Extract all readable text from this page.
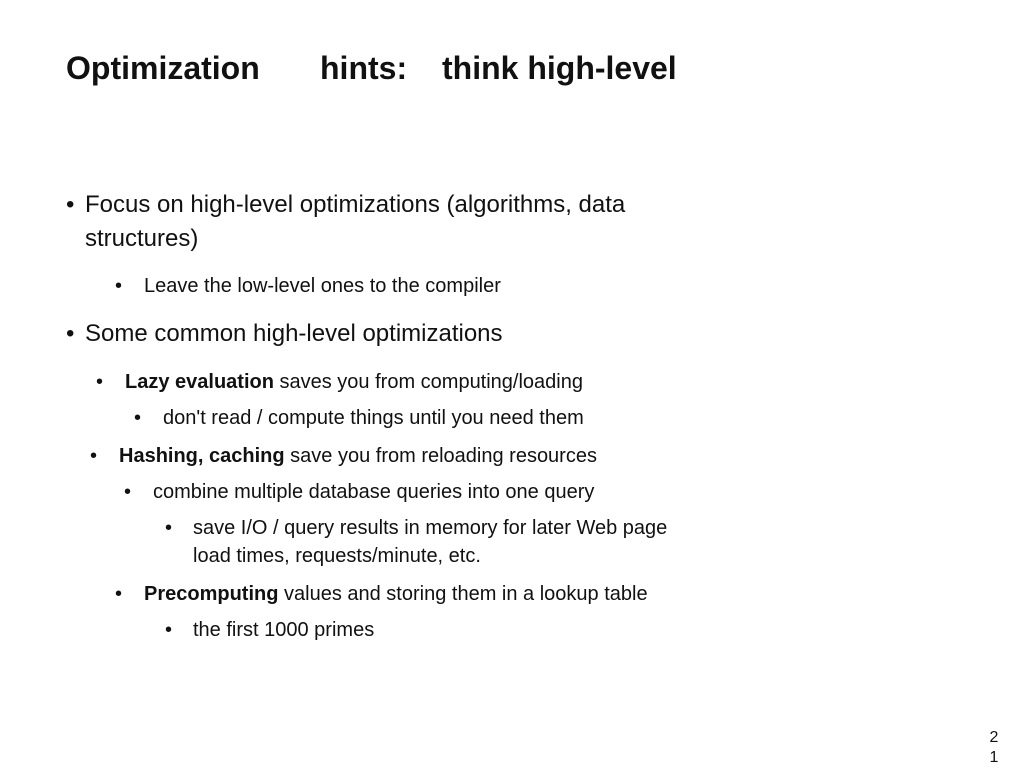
Optimization hints: think high-level
• Focus on high-level optimizations (algorithms, data
structures)
• Leave the low-level ones to the compiler
• Some common high-level optimizations
• Lazy evaluation saves you from computing/loading
• don't read / compute things until you need them
• Hashing, caching save you from reloading resources
• combine multiple database queries into one query
• save I/O / query results in memory for later Web page
load times, requests/minute, etc.
• Precomputing values and storing them in a lookup table
• the first 1000 primes
2
1
